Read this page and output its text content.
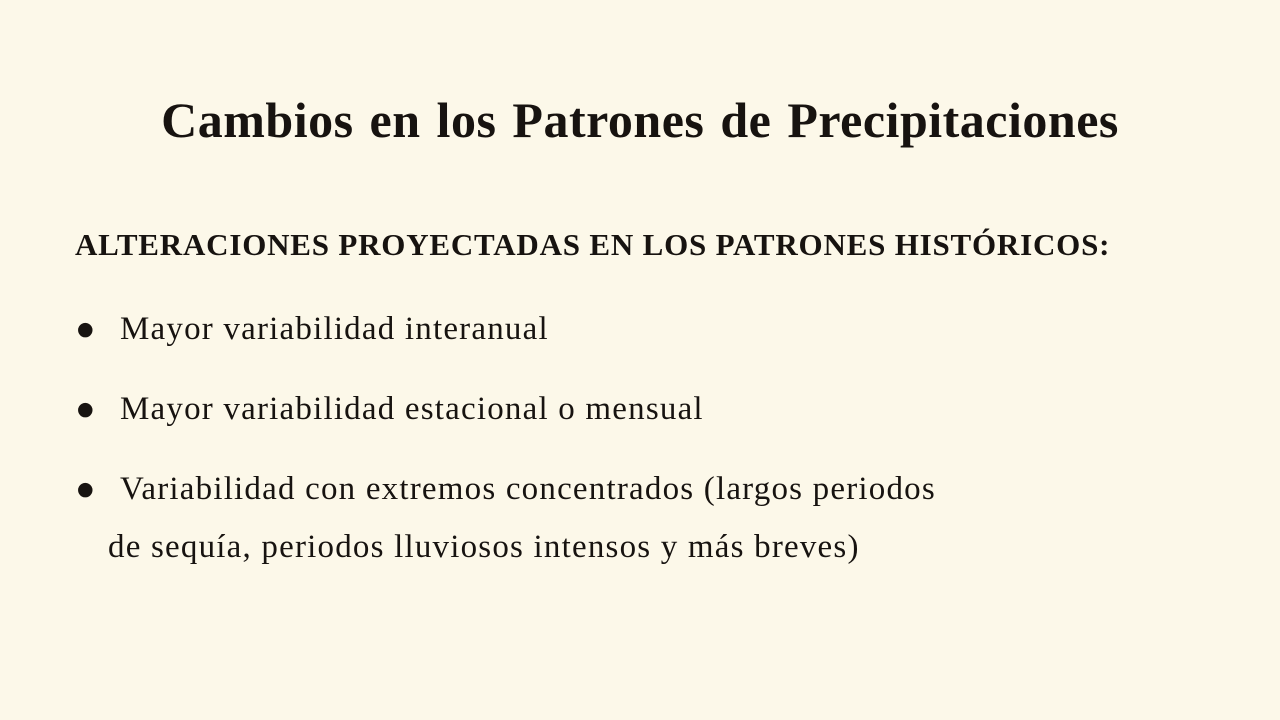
Cambios en los Patrones de Precipitaciones
ALTERACIONES PROYECTADAS EN LOS PATRONES HISTÓRICOS:
● Mayor variabilidad interanual
● Mayor variabilidad estacional o mensual
● Variabilidad con extremos concentrados (largos periodos
de sequía, periodos lluviosos intensos y más breves)
